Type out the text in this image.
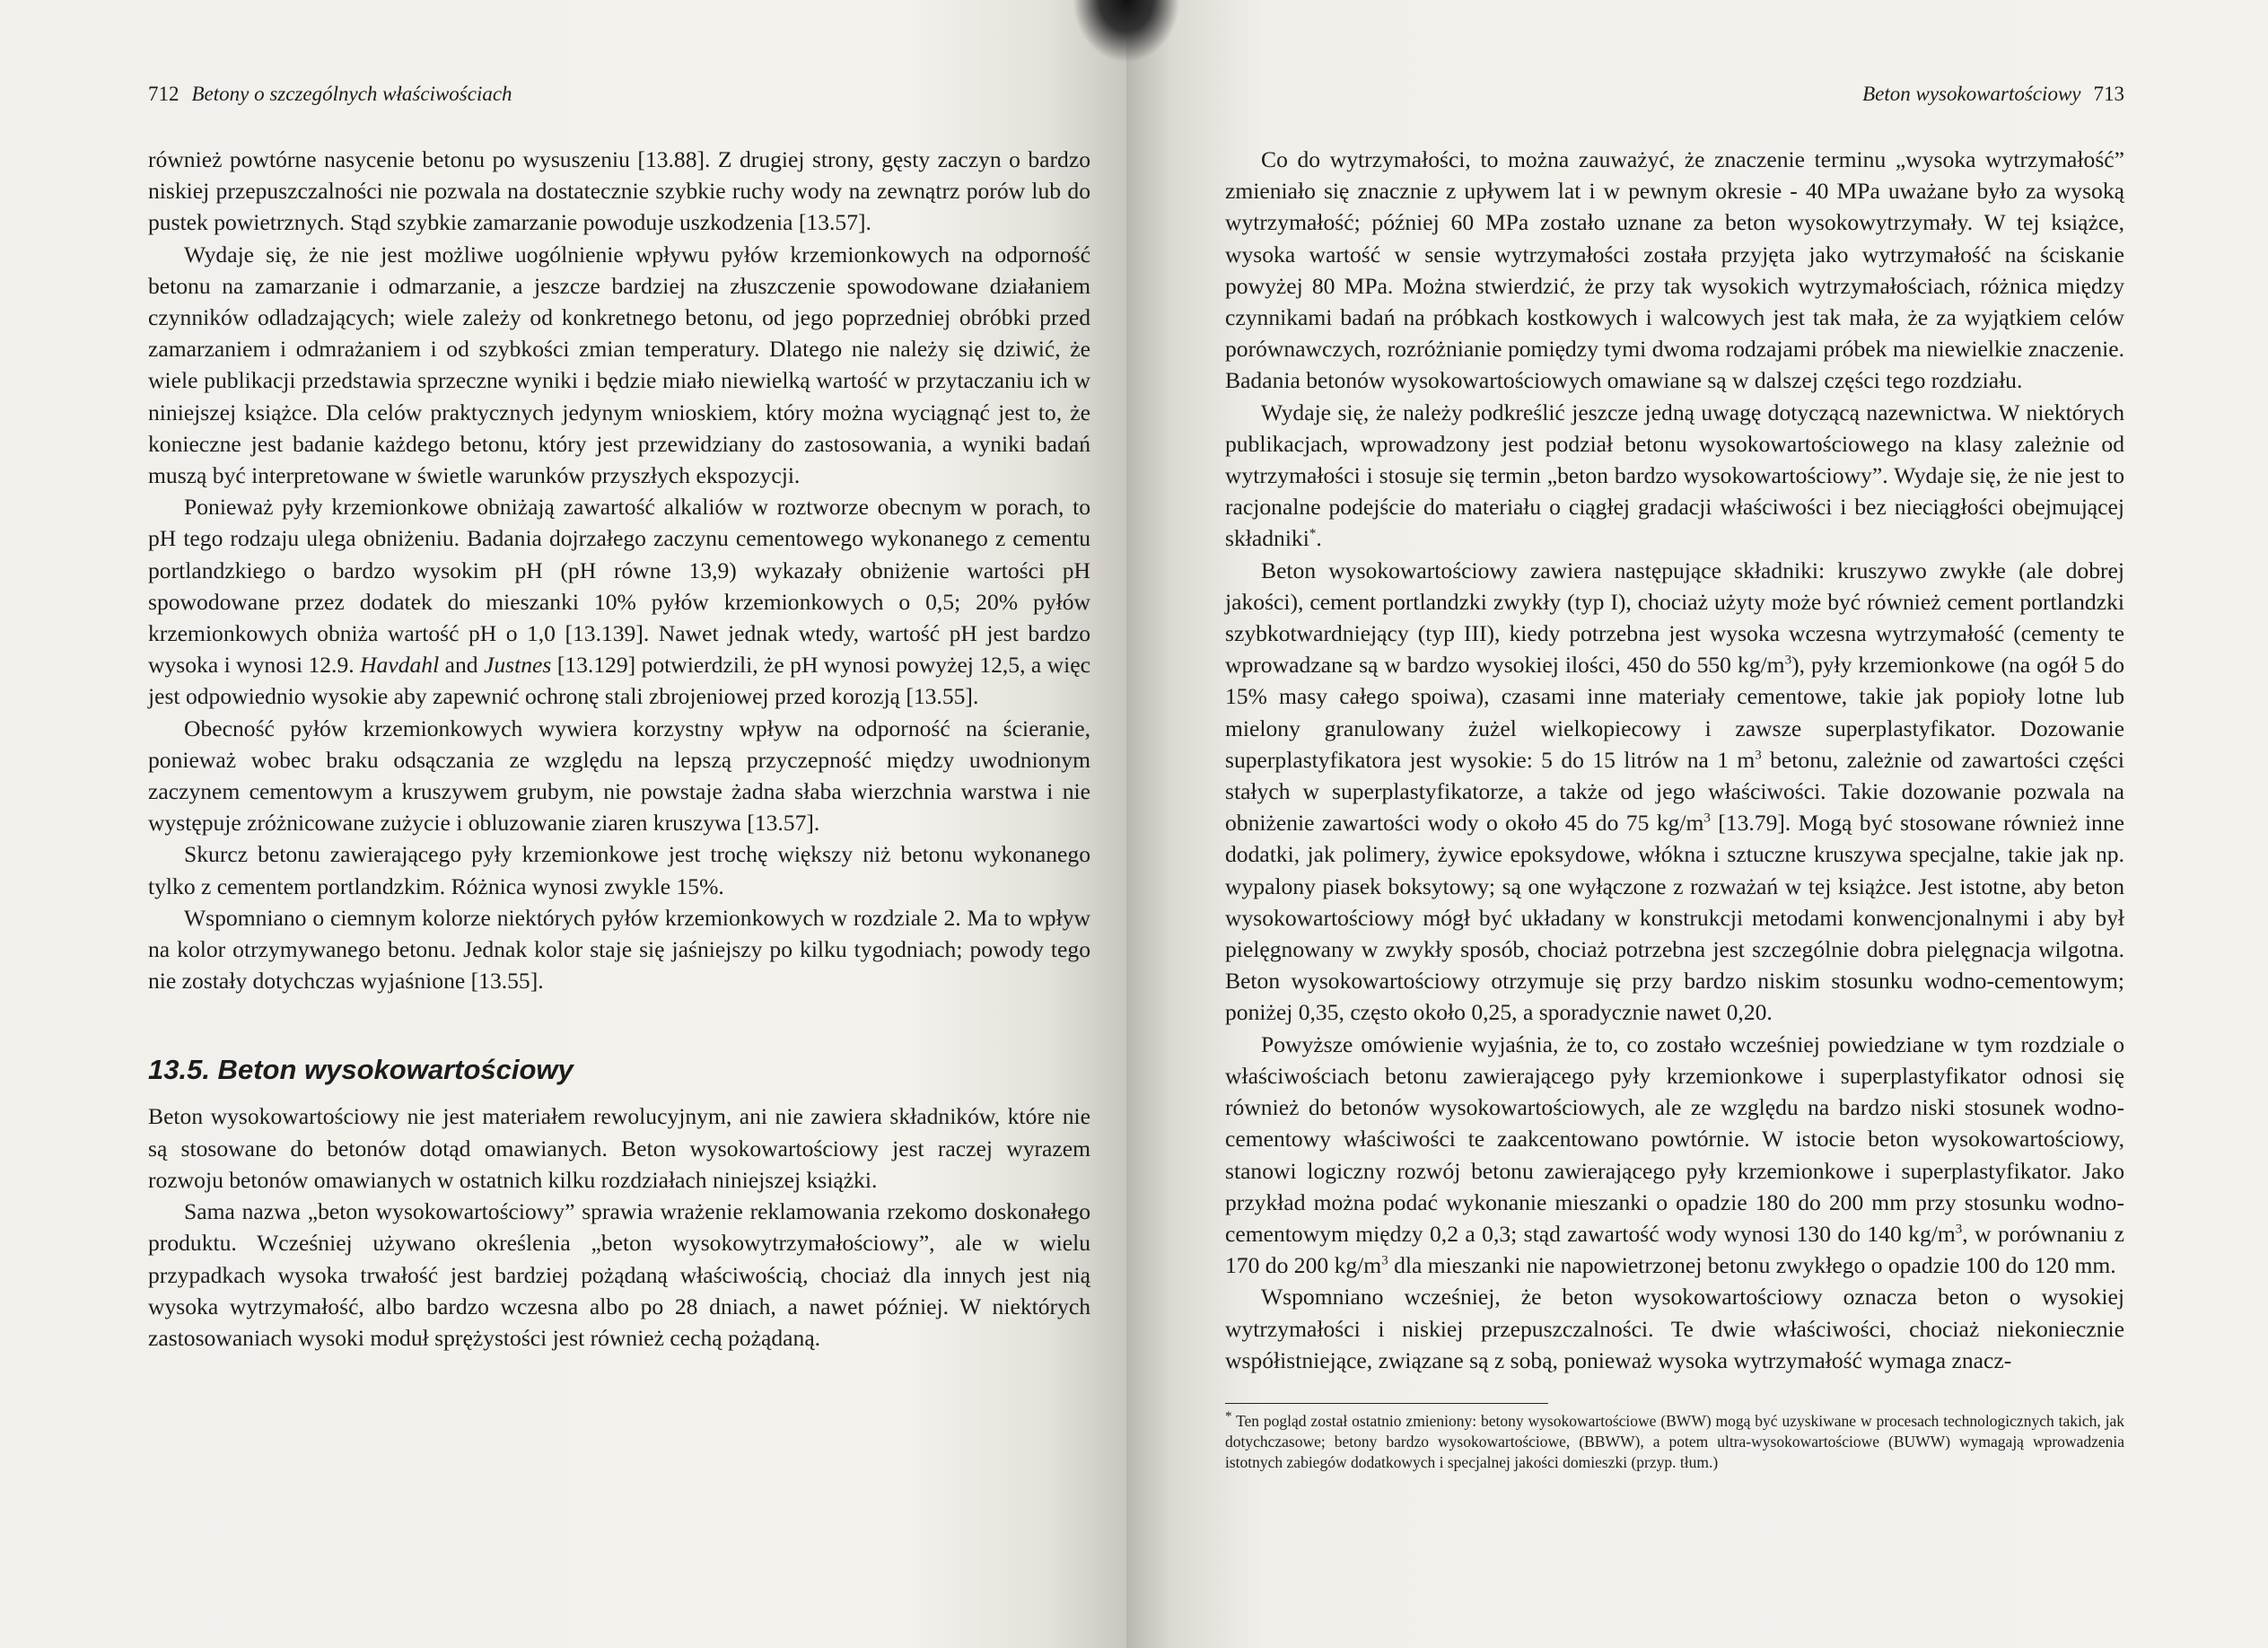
712 Betony o szczególnych właściwościach

również powtórne nasycenie betonu po wysuszeniu [13.88]. Z drugiej strony, gęsty zaczyn o bardzo niskiej przepuszczalności nie pozwala na dostatecznie szybkie ruchy wody na zewnątrz porów lub do pustek powietrznych. Stąd szybkie zamarzanie powoduje uszkodzenia [13.57].

Wydaje się, że nie jest możliwe uogólnienie wpływu pyłów krzemionkowych na odporność betonu na zamarzanie i odmarzanie, a jeszcze bardziej na złuszczenie spowodowane działaniem czynników odladzających; wiele zależy od konkretnego betonu, od jego poprzedniej obróbki przed zamarzaniem i odmrażaniem i od szybkości zmian temperatury. Dlatego nie należy się dziwić, że wiele publikacji przedstawia sprzeczne wyniki i będzie miało niewielką wartość w przytaczaniu ich w niniejszej książce. Dla celów praktycznych jedynym wnioskiem, który można wyciągnąć jest to, że konieczne jest badanie każdego betonu, który jest przewidziany do zastosowania, a wyniki badań muszą być interpretowane w świetle warunków przyszłych ekspozycji.

Ponieważ pyły krzemionkowe obniżają zawartość alkaliów w roztworze obecnym w porach, to pH tego rodzaju ulega obniżeniu. Badania dojrzałego zaczynu cementowego wykonanego z cementu portlandzkiego o bardzo wysokim pH (pH równe 13,9) wykazały obniżenie wartości pH spowodowane przez dodatek do mieszanki 10% pyłów krzemionkowych o 0,5; 20% pyłów krzemionkowych obniża wartość pH o 1,0 [13.139]. Nawet jednak wtedy, wartość pH jest bardzo wysoka i wynosi 12.9. Havdahl and Justnes [13.129] potwierdzili, że pH wynosi powyżej 12,5, a więc jest odpowiednio wysokie aby zapewnić ochronę stali zbrojeniowej przed korozją [13.55].

Obecność pyłów krzemionkowych wywiera korzystny wpływ na odporność na ścieranie, ponieważ wobec braku odsączania ze względu na lepszą przyczepność między uwodnionym zaczynem cementowym a kruszywem grubym, nie powstaje żadna słaba wierzchnia warstwa i nie występuje zróżnicowane zużycie i obluzowanie ziaren kruszywa [13.57].

Skurcz betonu zawierającego pyły krzemionkowe jest trochę większy niż betonu wykonanego tylko z cementem portlandzkim. Różnica wynosi zwykle 15%.

Wspomniano o ciemnym kolorze niektórych pyłów krzemionkowych w rozdziale 2. Ma to wpływ na kolor otrzymywanego betonu. Jednak kolor staje się jaśniejszy po kilku tygodniach; powody tego nie zostały dotychczas wyjaśnione [13.55].

13.5. Beton wysokowartościowy

Beton wysokowartościowy nie jest materiałem rewolucyjnym, ani nie zawiera składników, które nie są stosowane do betonów dotąd omawianych. Beton wysokowartościowy jest raczej wyrazem rozwoju betonów omawianych w ostatnich kilku rozdziałach niniejszej książki.

Sama nazwa „beton wysokowartościowy” sprawia wrażenie reklamowania rzekomo doskonałego produktu. Wcześniej używano określenia „beton wysokowytrzymałościowy”, ale w wielu przypadkach wysoka trwałość jest bardziej pożądaną właściwością, chociaż dla innych jest nią wysoka wytrzymałość, albo bardzo wczesna albo po 28 dniach, a nawet później. W niektórych zastosowaniach wysoki moduł sprężystości jest również cechą pożądaną.

Beton wysokowartościowy 713

Co do wytrzymałości, to można zauważyć, że znaczenie terminu „wysoka wytrzymałość” zmieniało się znacznie z upływem lat i w pewnym okresie - 40 MPa uważane było za wysoką wytrzymałość; później 60 MPa zostało uznane za beton wysokowytrzymały. W tej książce, wysoka wartość w sensie wytrzymałości została przyjęta jako wytrzymałość na ściskanie powyżej 80 MPa. Można stwierdzić, że przy tak wysokich wytrzymałościach, różnica między czynnikami badań na próbkach kostkowych i walcowych jest tak mała, że za wyjątkiem celów porównawczych, rozróżnianie pomiędzy tymi dwoma rodzajami próbek ma niewielkie znaczenie. Badania betonów wysokowartościowych omawiane są w dalszej części tego rozdziału.

Wydaje się, że należy podkreślić jeszcze jedną uwagę dotyczącą nazewnictwa. W niektórych publikacjach, wprowadzony jest podział betonu wysokowartościowego na klasy zależnie od wytrzymałości i stosuje się termin „beton bardzo wysokowartościowy”. Wydaje się, że nie jest to racjonalne podejście do materiału o ciągłej gradacji właściwości i bez nieciągłości obejmującej składniki*.

Beton wysokowartościowy zawiera następujące składniki: kruszywo zwykłe (ale dobrej jakości), cement portlandzki zwykły (typ I), chociaż użyty może być również cement portlandzki szybkotwardniejący (typ III), kiedy potrzebna jest wysoka wczesna wytrzymałość (cementy te wprowadzane są w bardzo wysokiej ilości, 450 do 550 $kg/m^3$), pyły krzemionkowe (na ogół 5 do 15% masy całego spoiwa), czasami inne materiały cementowe, takie jak popioły lotne lub mielony granulowany żużel wielkopiecowy i zawsze superplastyfikator. Dozowanie superplastyfikatora jest wysokie: 5 do 15 litrów na 1 $m^3$ betonu, zależnie od zawartości części stałych w superplastyfikatorze, a także od jego właściwości. Takie dozowanie pozwala na obniżenie zawartości wody o około 45 do 75 $kg/m^3$ [13.79]. Mogą być stosowane również inne dodatki, jak polimery, żywice epoksydowe, włókna i sztuczne kruszywa specjalne, takie jak np. wypalony piasek boksytowy; są one wyłączone z rozważań w tej książce. Jest istotne, aby beton wysokowartościowy mógł być układany w konstrukcji metodami konwencjonalnymi i aby był pielęgnowany w zwykły sposób, chociaż potrzebna jest szczególnie dobra pielęgnacja wilgotna. Beton wysokowartościowy otrzymuje się przy bardzo niskim stosunku wodno-cementowym; poniżej 0,35, często około 0,25, a sporadycznie nawet 0,20.

Powyższe omówienie wyjaśnia, że to, co zostało wcześniej powiedziane w tym rozdziale o właściwościach betonu zawierającego pyły krzemionkowe i superplastyfikator odnosi się również do betonów wysokowartościowych, ale ze względu na bardzo niski stosunek wodno-cementowy właściwości te zaakcentowano powtórnie. W istocie beton wysokowartościowy, stanowi logiczny rozwój betonu zawierającego pyły krzemionkowe i superplastyfikator. Jako przykład można podać wykonanie mieszanki o opadzie 180 do 200 mm przy stosunku wodno-cementowym między 0,2 a 0,3; stąd zawartość wody wynosi 130 do 140 $kg/m^3$, w porównaniu z 170 do 200 $kg/m^3$ dla mieszanki nie napowietrzonej betonu zwykłego o opadzie 100 do 120 mm.

Wspomniano wcześniej, że beton wysokowartościowy oznacza beton o wysokiej wytrzymałości i niskiej przepuszczalności. Te dwie właściwości, chociaż niekoniecznie współistniejące, związane są z sobą, ponieważ wysoka wytrzymałość wymaga znacz-

* Ten pogląd został ostatnio zmieniony: betony wysokowartościowe (BWW) mogą być uzyskiwane w procesach technologicznych takich, jak dotychczasowe; betony bardzo wysokowartościowe, (BBWW), a potem ultra-wysokowartościowe (BUWW) wymagają wprowadzenia istotnych zabiegów dodatkowych i specjalnej jakości domieszki (przyp. tłum.)
